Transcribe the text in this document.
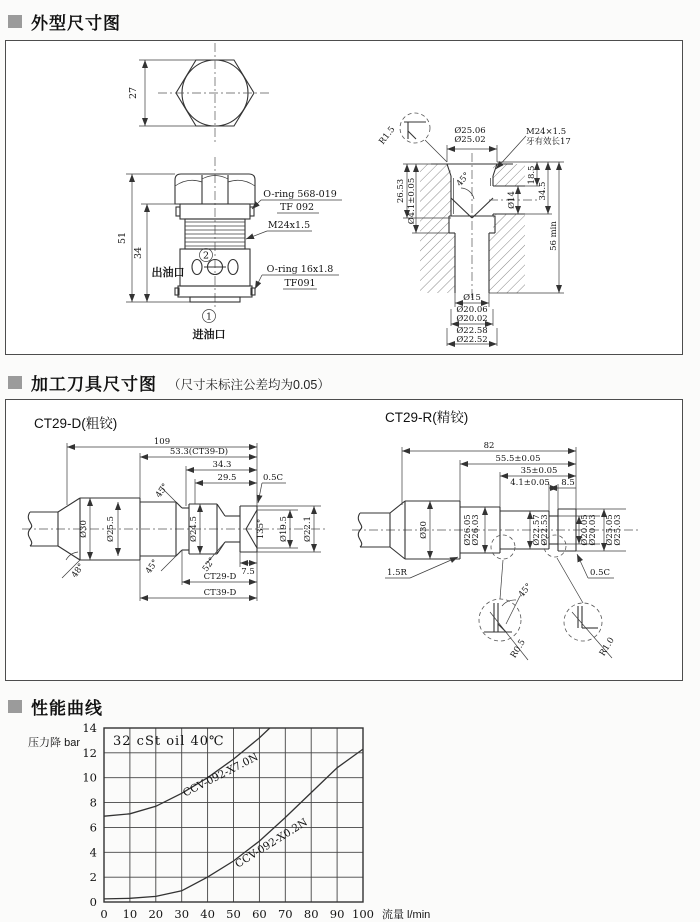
外型尺寸图
27
51
34	2
出油口
1
进油口
O-ring 568-019
TF 092
M24x1.5
O-ring 16x1.8
TF091
R1.5	Ø25.06
Ø25.02
M24×1.5
牙有效长17
26.53 Ø4.1±0.05	45°
Ø14
18.5
34.5
56 min
Ø15
Ø20.06
Ø20.02
Ø22.58
Ø22.52
加工刀具尺寸图 （尺寸未标注公差均为0.05）
CT29-D(粗铰)
Ø30 Ø25.5	Ø24.5	135° Ø19.5 Ø22.1
48°
45°
45°	52°	7.5
CT29-D
CT39-D
29.5
34.3
53.3(CT39-D)
109
0.5C
CT29-R(精铰)
Ø30	Ø26.05
Ø26.03	Ø22.57
Ø22.53	Ø20.05
Ø20.03 Ø25.05
Ø25.03
82
55.5±0.05
35±0.05
4.1±0.05 8.5
1.5R	0.5C
45°
R0.5	R1.0
性能曲线
0 10 20 30 40 50 60 70 80 90 100
0
2
4
6
8
10
12
14
压力降 bar
流量 l/min
32 cSt oil 40℃
CCV-092-X7.0N
CCV-092-X0.2N
